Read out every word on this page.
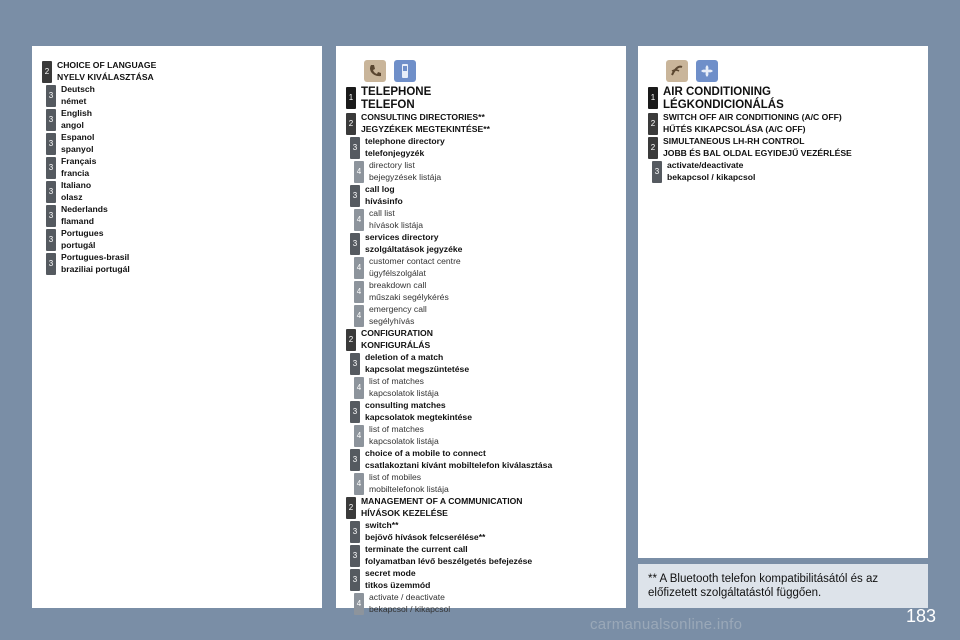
2
CHOICE OF LANGUAGE
NYELV KIVÁLASZTÁSA
3
Deutsch
német
3
English
angol
3
Espanol
spanyol
3
Français
francia
3
Italiano
olasz
3
Nederlands
flamand
3
Portugues
portugál
3
Portugues-brasil
braziliai portugál
1 TELEPHONE
TELEFON
2
CONSULTING DIRECTORIES**
JEGYZÉKEK MEGTEKINTÉSE**
3
telephone directory
telefonjegyzék
4
directory list
bejegyzések listája
3
call log
hívásinfo
4
call list
hívások listája
3
services directory
szolgáltatások jegyzéke
4
customer contact centre
ügyfélszolgálat
4
breakdown call
műszaki segélykérés
4
emergency call
segélyhívás
2
CONFIGURATION
KONFIGURÁLÁS
3
deletion of a match
kapcsolat megszüntetése
4
list of matches
kapcsolatok listája
3
consulting matches
kapcsolatok megtekintése
4
list of matches
kapcsolatok listája
3
choice of a mobile to connect
csatlakoztani kívánt mobiltelefon kiválasztása
4
list of mobiles
mobiltelefonok listája
2
MANAGEMENT OF A COMMUNICATION
HÍVÁSOK KEZELÉSE
3
switch**
bejövő hívások felcserélése**
3
terminate the current call
folyamatban lévő beszélgetés befejezése
3
secret mode
titkos üzemmód
4
activate / deactivate
bekapcsol / kikapcsol
1 AIR CONDITIONING
LÉGKONDICIONÁLÁS
2
SWITCH OFF AIR CONDITIONING (A/C OFF)
HŰTÉS KIKAPCSOLÁSA (A/C OFF)
2
SIMULTANEOUS LH-RH CONTROL
JOBB ÉS BAL OLDAL EGYIDEJŰ VEZÉRLÉSE
3
activate/deactivate
bekapcsol / kikapcsol
** A Bluetooth telefon kompatibilitásától és az előfizetett szolgáltatástól függően.
carmanualsonline.info	183
